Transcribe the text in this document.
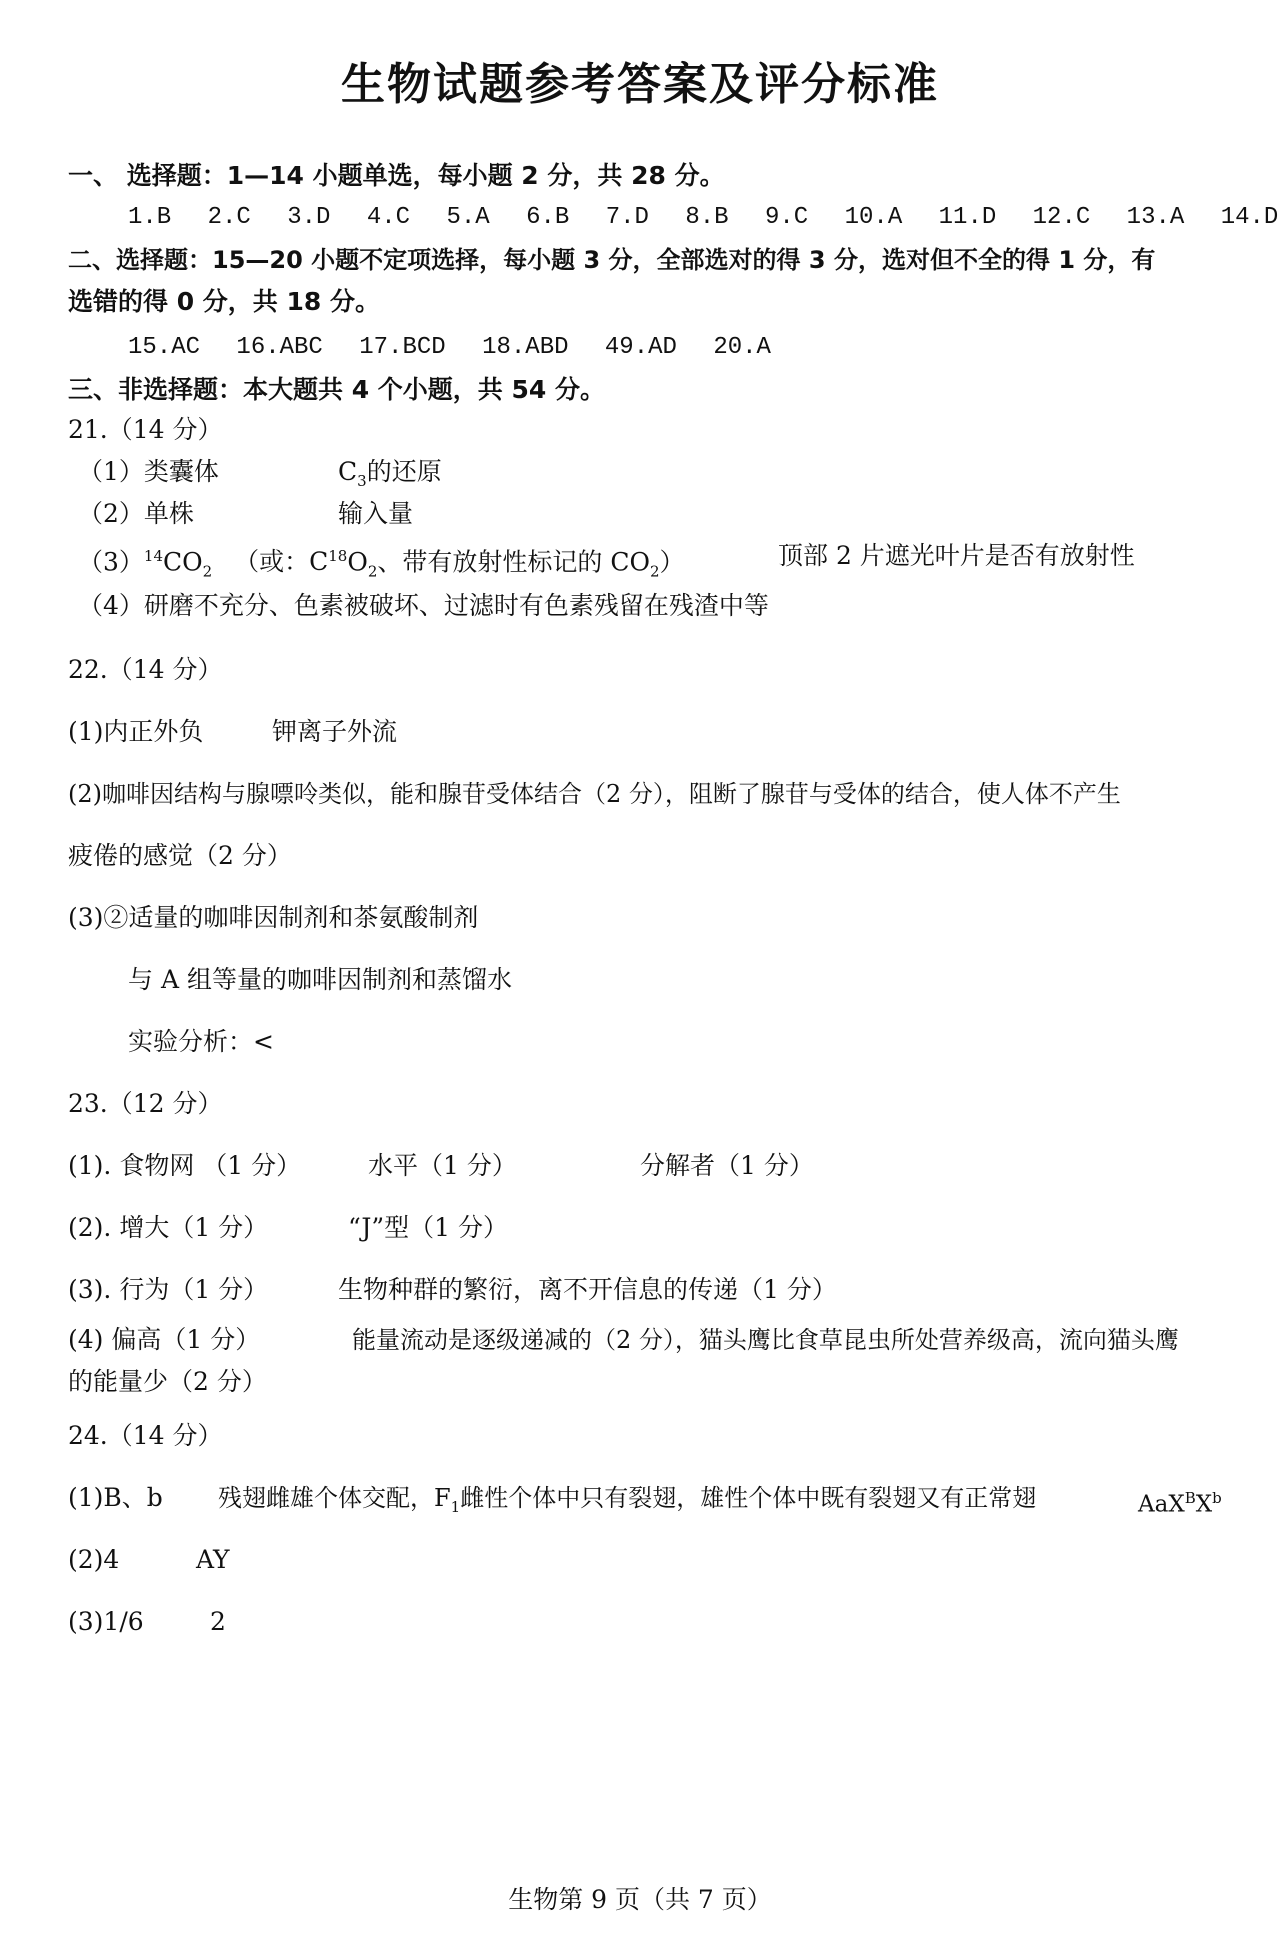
生物试题参考答案及评分标准
一、 选择题：1—14 小题单选，每小题 2 分，共 28 分。
1.B 2.C 3.D 4.C 5.A 6.B 7.D 8.B 9.C 10.A 11.D 12.C 13.A 14.D
二、选择题：15—20 小题不定项选择，每小题 3 分，全部选对的得 3 分，选对但不全的得 1 分，有
选错的得 0 分，共 18 分。
15.AC 16.ABC 17.BCD 18.ABD 49.AD 20.A
三、非选择题：本大题共 4 个小题，共 54 分。
21.（14 分）
（1）类囊体	$C_3$的还原
（2）单株	输入量
$(3)^{14}CO_2$ （或：$C^{18}O_2$、带有放射性标记的 $CO_2$）	顶部 2 片遮光叶片是否有放射性
（4）研磨不充分、色素被破坏、过滤时有色素残留在残渣中等
22.（14 分）
(1)内正外负	钾离子外流
(2)咖啡因结构与腺嘌呤类似，能和腺苷受体结合（2 分），阻断了腺苷与受体的结合，使人体不产生
疲倦的感觉（2 分）
(3)②适量的咖啡因制剂和茶氨酸制剂
与 A 组等量的咖啡因制剂和蒸馏水
实验分析：<
23.（12 分）
(1). 食物网 （1 分）	水平（1 分）	分解者（1 分）
(2). 增大（1 分）	“J”型（1 分）
(3). 行为（1 分）	生物种群的繁衍，离不开信息的传递（1 分）
(4) 偏高（1 分）	能量流动是逐级递减的（2 分），猫头鹰比食草昆虫所处营养级高，流向猫头鹰
的能量少（2 分）
24.（14 分）
(1)B、b 残翅雌雄个体交配，$F_1$雌性个体中只有裂翅，雄性个体中既有裂翅又有正常翅	$AaX^BX^b$
(2)4	AY
(3)1/6	2
生物第 9 页（共 7 页）
